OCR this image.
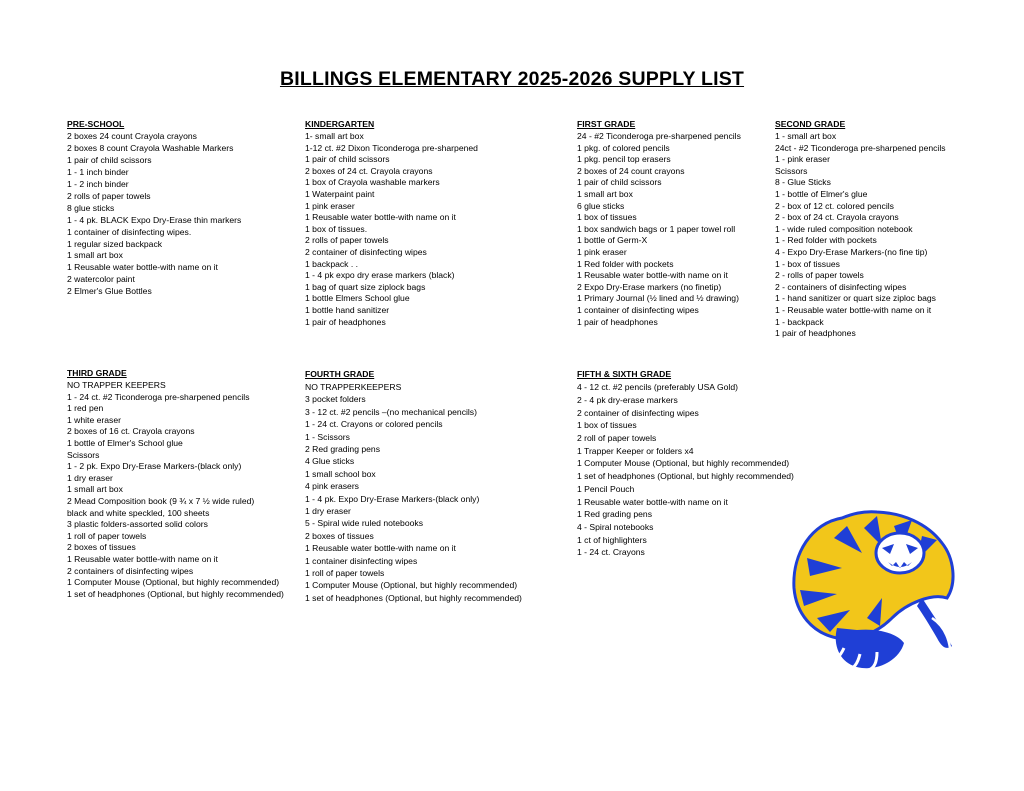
BILLINGS ELEMENTARY 2025-2026 SUPPLY LIST
PRE-SCHOOL
2 boxes 24 count Crayola crayons
2 boxes 8 count Crayola Washable Markers
1 pair of child scissors
1 - 1 inch binder
1 - 2 inch binder
2 rolls of paper towels
8 glue sticks
1 - 4 pk. BLACK Expo Dry-Erase thin markers
1 container of disinfecting wipes.
1 regular sized backpack
1 small art box
1 Reusable water bottle-with name on it
2 watercolor paint
2 Elmer's Glue Bottles
KINDERGARTEN
1- small art box
1-12 ct. #2 Dixon Ticonderoga pre-sharpened
1 pair of child scissors
2 boxes of 24 ct. Crayola crayons
1 box of Crayola washable markers
1 Waterpaint paint
1 pink eraser
1 Reusable water bottle-with name on it
1 box of tissues.
2 rolls of paper towels
2 container of disinfecting wipes
1 backpack . .
1 - 4 pk expo dry erase markers (black)
1 bag of quart size ziplock bags
1 bottle Elmers School glue
1 bottle hand sanitizer
1 pair of headphones
FIRST GRADE
24 - #2 Ticonderoga pre-sharpened pencils
1 pkg. of colored pencils
1 pkg. pencil top erasers
2 boxes of 24 count crayons
1 pair of child scissors
1 small art box
6 glue sticks
1 box of tissues
1 box sandwich bags or 1 paper towel roll
1 bottle of Germ-X
1 pink eraser
1 Red folder with pockets
1 Reusable water bottle-with name on it
2 Expo Dry-Erase markers (no finetip)
1 Primary Journal (½ lined and ½ drawing)
1 container of disinfecting wipes
1 pair of headphones
SECOND GRADE
1 - small art box
24ct - #2 Ticonderoga pre-sharpened pencils
1 - pink eraser
Scissors
8 - Glue Sticks
1 - bottle of Elmer's glue
2 - box of 12 ct. colored pencils
2 - box of 24 ct. Crayola crayons
1 - wide ruled composition notebook
1 - Red folder with pockets
4 - Expo Dry-Erase Markers-(no fine tip)
1 - box of tissues
2 - rolls of paper towels
2 - containers of disinfecting wipes
1 - hand sanitizer or quart size ziploc bags
1 - Reusable water bottle-with name on it
1 - backpack
1 pair of headphones
THIRD GRADE
NO TRAPPER KEEPERS
1 - 24 ct. #2 Ticonderoga pre-sharpened pencils
1 red pen
1 white eraser
2 boxes of 16 ct. Crayola crayons
1 bottle of Elmer's School glue
Scissors
1 - 2 pk. Expo Dry-Erase Markers-(black only)
1 dry eraser
1 small art box
2 Mead Composition book (9 ¾ x 7 ½ wide ruled)
black and white speckled, 100 sheets
3 plastic folders-assorted solid colors
1 roll of paper towels
2 boxes of tissues
1 Reusable water bottle-with name on it
2 containers of disinfecting wipes
1 Computer Mouse (Optional, but highly recommended)
1 set of headphones (Optional, but highly recommended)
FOURTH GRADE
NO TRAPPERKEEPERS
3 pocket folders
3 - 12 ct. #2 pencils –(no mechanical pencils)
1 - 24 ct. Crayons or colored pencils
1 - Scissors
2 Red grading pens
4 Glue sticks
1 small school box
4 pink erasers
1 - 4 pk. Expo Dry-Erase Markers-(black only)
1 dry eraser
5 - Spiral wide ruled notebooks
2 boxes of tissues
1 Reusable water bottle-with name on it
1 container disinfecting wipes
1 roll of paper towels
1 Computer Mouse (Optional, but highly recommended)
1 set of headphones (Optional, but highly recommended)
FIFTH & SIXTH GRADE
4 - 12 ct. #2 pencils (preferably USA Gold)
2 - 4 pk dry-erase markers
2 container of disinfecting wipes
1 box of tissues
2 roll of paper towels
1 Trapper Keeper or folders x4
1 Computer Mouse (Optional, but highly recommended)
1 set of headphones (Optional, but highly recommended)
1 Pencil Pouch
1 Reusable water bottle-with name on it
1 Red grading pens
4 - Spiral notebooks
1 ct of highlighters
1 - 24 ct. Crayons
